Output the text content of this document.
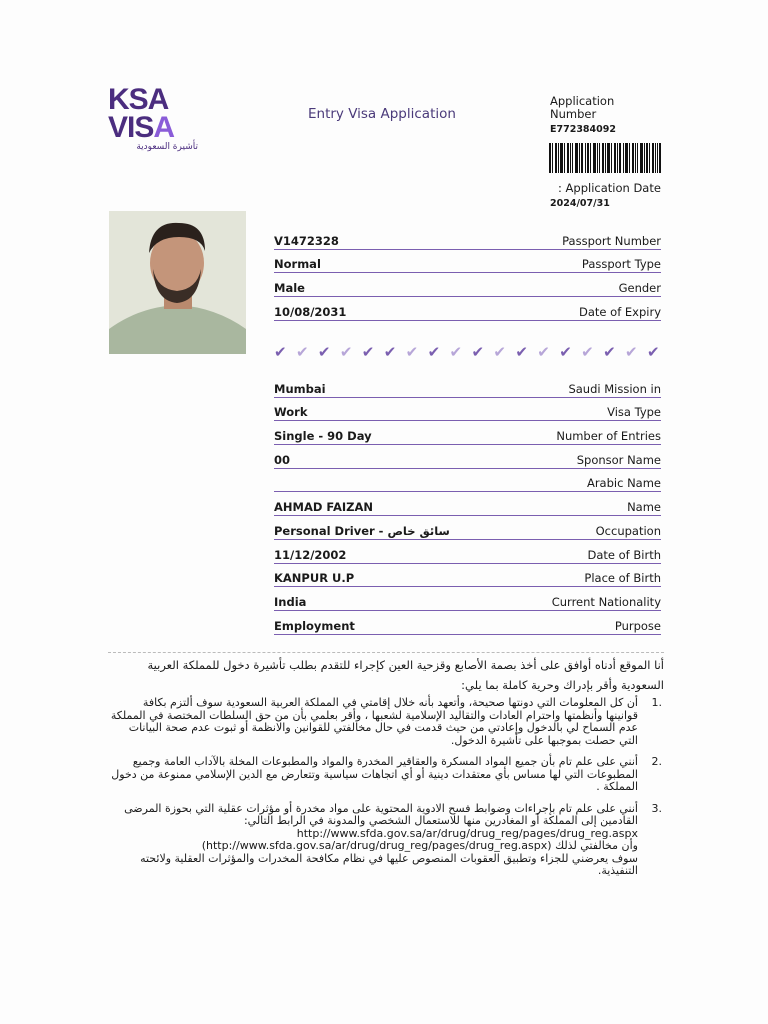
KSA
VISA
تأشيرة السعودية
Entry Visa Application
Application Number
E772384092
: Application Date
2024/07/31
V1472328	Passport Number
Normal	Passport Type
Male	Gender
10/08/2031	Date of Expiry
✔ ✔ ✔ ✔ ✔ ✔ ✔ ✔ ✔ ✔ ✔ ✔ ✔ ✔ ✔ ✔ ✔ ✔
Mumbai	Saudi Mission in
Work	Visa Type
Single - 90 Day	Number of Entries
00	Sponsor Name
Arabic Name
AHMAD FAIZAN	Name
Personal Driver - سائق خاص	Occupation
11/12/2002	Date of Birth
KANPUR U.P	Place of Birth
India	Current Nationality
Employment	Purpose
أنا الموقع أدناه أوافق على أخذ بصمة الأصابع وقزحية العين كإجراء للتقدم بطلب تأشيرة دخول للمملكة العربية السعودية وأقر بإدراك وحرية كاملة بما يلي:
1.
أن كل المعلومات التي دونتها صحيحة، وأتعهد بأنه خلال إقامتي في المملكة العربية السعودية سوف ألتزم بكافة قوانينها وأنظمتها واحترام العادات والتقاليد الإسلامية لشعبها ، وأقر بعلمي بأن من حق السلطات المختصة في المملكة عدم السماح لي بالدخول وإعادتي من حيث قدمت في حال مخالفتي للقوانين والانظمة أو ثبوت عدم صحة البيانات التي حصلت بموجبها على تأشيرة الدخول.
2.
أنني على علم تام بأن جميع المواد المسكرة والعقاقير المخدرة والمواد والمطبوعات المخلة بالآداب العامة وجميع المطبوعات التي لها مساس بأي معتقدات دينية أو أي اتجاهات سياسية وتتعارض مع الدين الإسلامي ممنوعة من دخول المملكة .
3.
أنني على علم تام بإجراءات وضوابط فسح الادوية المحتوية على مواد مخدرة أو مؤثرات عقلية التي بحوزة المرضى القادمين إلى المملكة أو المغادرين منها للاستعمال الشخصي والمدونة في الرابط التالي:
http://www.sfda.gov.sa/ar/drug/drug_reg/pages/drug_reg.aspx
وأن مخالفتي لذلك (http://www.sfda.gov.sa/ar/drug/drug_reg/pages/drug_reg.aspx)
سوف يعرضني للجزاء وتطبيق العقوبات المنصوص عليها في نظام مكافحة المخدرات والمؤثرات العقلية ولائحته التنفيذية.
